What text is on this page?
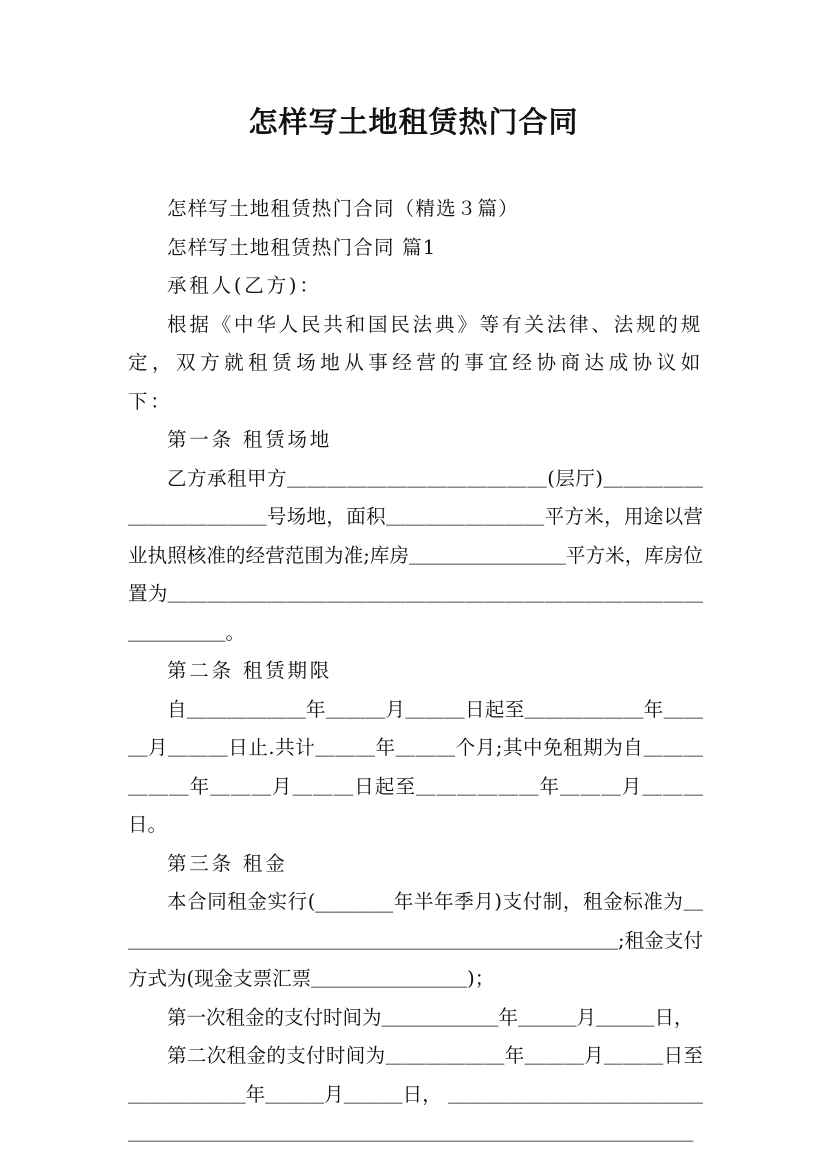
怎样写土地租赁热门合同

怎样写土地租赁热门合同（精选３篇）

怎样写土地租赁热门合同 篇1

承租人(乙方)：

根据《中华人民共和国民法典》等有关法律、法规的规定，双方就租赁场地从事经营的事宜经协商达成协议如下：

第一条 租赁场地

乙方承租甲方＿＿＿＿＿＿＿＿＿＿＿＿＿(层厅)＿＿＿＿＿＿＿＿＿＿＿＿号场地，面积＿＿＿＿＿＿＿＿平方米，用途以营业执照核准的经营范围为准;库房＿＿＿＿＿＿＿＿平方米，库房位置为＿＿＿＿＿＿＿＿＿＿＿＿＿＿＿＿＿＿＿＿＿＿＿＿＿＿＿＿＿＿＿＿。

第二条 租赁期限

自＿＿＿＿＿＿年＿＿＿月＿＿＿日起至＿＿＿＿＿＿年＿＿＿月＿＿＿日止.共计＿＿＿年＿＿＿个月;其中免租期为自＿＿＿＿＿＿年＿＿＿月＿＿＿日起至＿＿＿＿＿＿年＿＿＿月＿＿＿日。

第三条 租金

本合同租金实行(________年半年季月)支付制，租金标准为＿＿＿＿＿＿＿＿＿＿＿＿＿＿＿＿＿＿＿＿＿＿＿＿＿＿;租金支付方式为(现金支票汇票＿＿＿＿＿＿＿＿)；

第一次租金的支付时间为＿＿＿＿＿＿年＿＿＿月＿＿＿日，

第二次租金的支付时间为＿＿＿＿＿＿年＿＿＿月＿＿＿日至＿＿＿＿＿＿年＿＿＿月＿＿＿日， ＿＿＿＿＿＿＿＿＿＿＿＿＿＿＿＿＿＿＿＿＿＿＿＿＿＿＿＿＿＿＿＿＿＿＿＿＿＿＿＿＿＿
